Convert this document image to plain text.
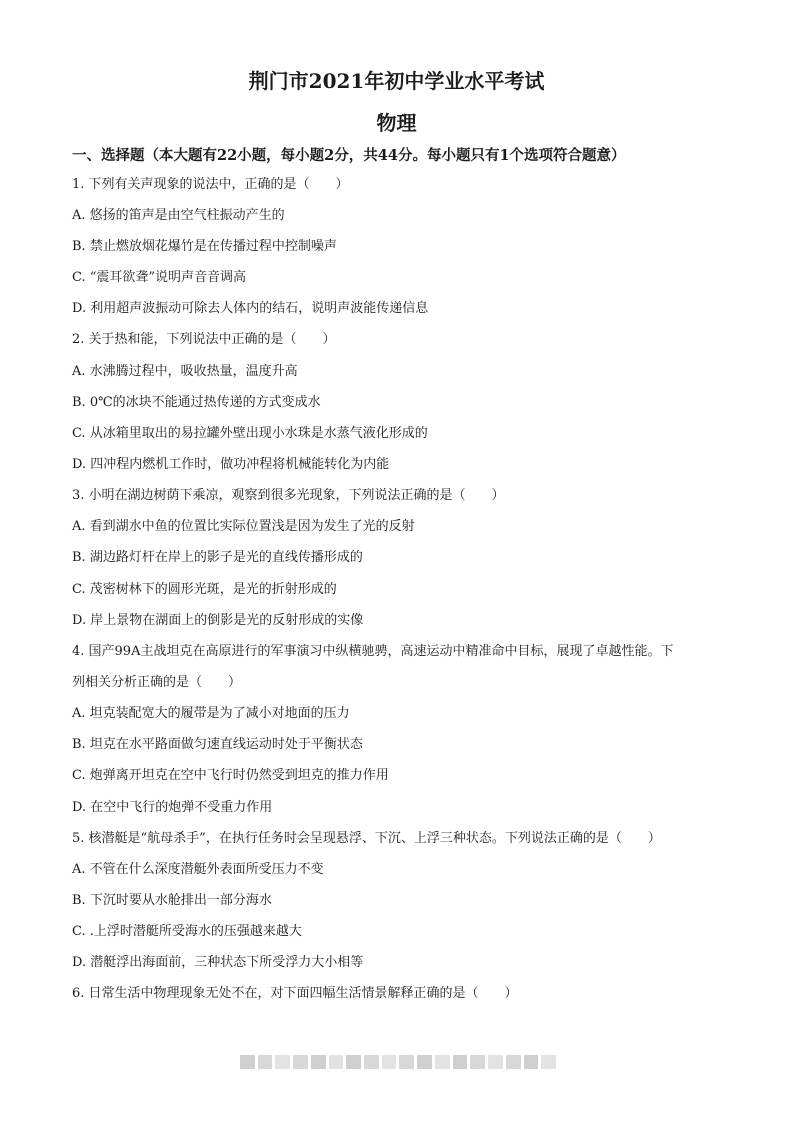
荆门市2021年初中学业水平考试
物理
一、选择题（本大题有22小题，每小题2分，共44分。每小题只有1个选项符合题意）
1. 下列有关声现象的说法中，正确的是（　　）
A. 悠扬的笛声是由空气柱振动产生的
B. 禁止燃放烟花爆竹是在传播过程中控制噪声
C. “震耳欲聋”说明声音音调高
D. 利用超声波振动可除去人体内的结石，说明声波能传递信息
2. 关于热和能，下列说法中正确的是（　　）
A. 水沸腾过程中，吸收热量，温度升高
B. 0℃的冰块不能通过热传递的方式变成水
C. 从冰箱里取出的易拉罐外壁出现小水珠是水蒸气液化形成的
D. 四冲程内燃机工作时，做功冲程将机械能转化为内能
3. 小明在湖边树荫下乘凉，观察到很多光现象，下列说法正确的是（　　）
A. 看到湖水中鱼的位置比实际位置浅是因为发生了光的反射
B. 湖边路灯杆在岸上的影子是光的直线传播形成的
C. 茂密树林下的圆形光斑，是光的折射形成的
D. 岸上景物在湖面上的倒影是光的反射形成的实像
4. 国产99A主战坦克在高原进行的军事演习中纵横驰骋，高速运动中精准命中目标，展现了卓越性能。下
列相关分析正确的是（　　）
A. 坦克装配宽大的履带是为了减小对地面的压力
B. 坦克在水平路面做匀速直线运动时处于平衡状态
C. 炮弹离开坦克在空中飞行时仍然受到坦克的推力作用
D. 在空中飞行的炮弹不受重力作用
5. 核潜艇是“航母杀手”，在执行任务时会呈现悬浮、下沉、上浮三种状态。下列说法正确的是（　　）
A. 不管在什么深度潜艇外表面所受压力不变
B. 下沉时要从水舱排出一部分海水
C. .上浮时潜艇所受海水的压强越来越大
D. 潜艇浮出海面前，三种状态下所受浮力大小相等
6. 日常生活中物理现象无处不在，对下面四幅生活情景解释正确的是（　　）
